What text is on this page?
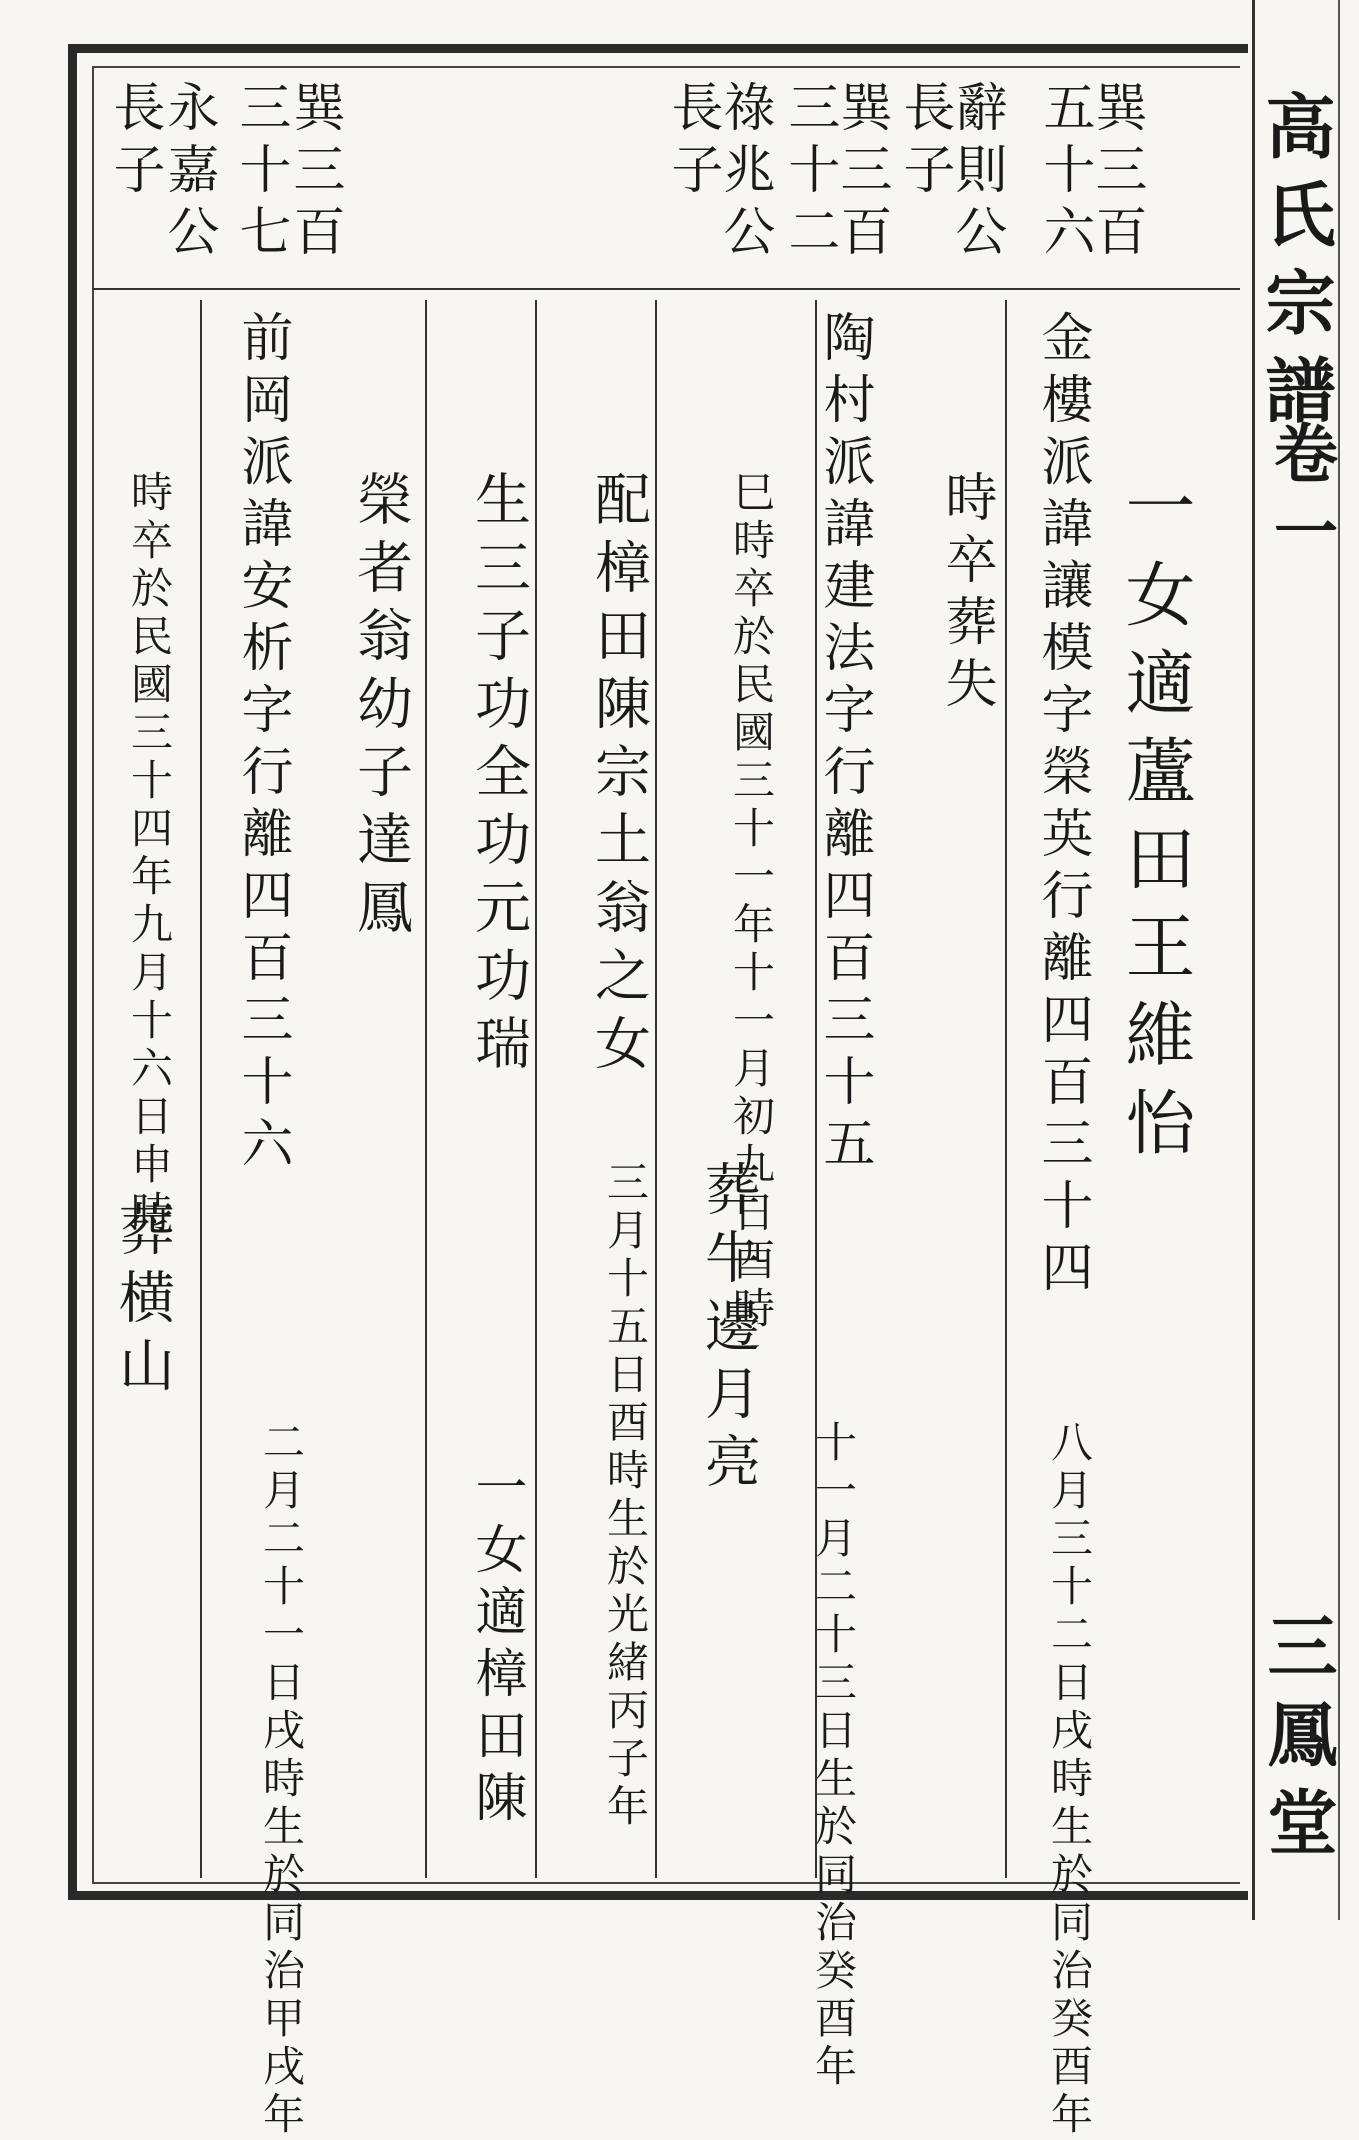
高氏宗譜

卷一

三鳳堂

巽三百

五十六

辭則公

長子

巽三百

三十二

祿兆公

長子

巽三百

三十七

永嘉公

長子

一女適蘆田王維怡

金樓派諱讓模字榮英行離四百三十四

時卒葬失

八月三十二日戌時生於同治癸酉年

陶村派諱建法字行離四百三十五

巳時卒於民國三十一年十一月初九日酉時

葬牛邊月亮

十一月二十三日生於同治癸酉年

配樟田陳宗土翁之女

三月十五日酉時生於光緒丙子年

生三子功全功元功瑞

一女適樟田陳

榮者翁幼子達鳳

前岡派諱安析字行離四百三十六

二月二十一日戌時生於同治甲戌年

時卒於民國三十四年九月十六日申時

葬横山
